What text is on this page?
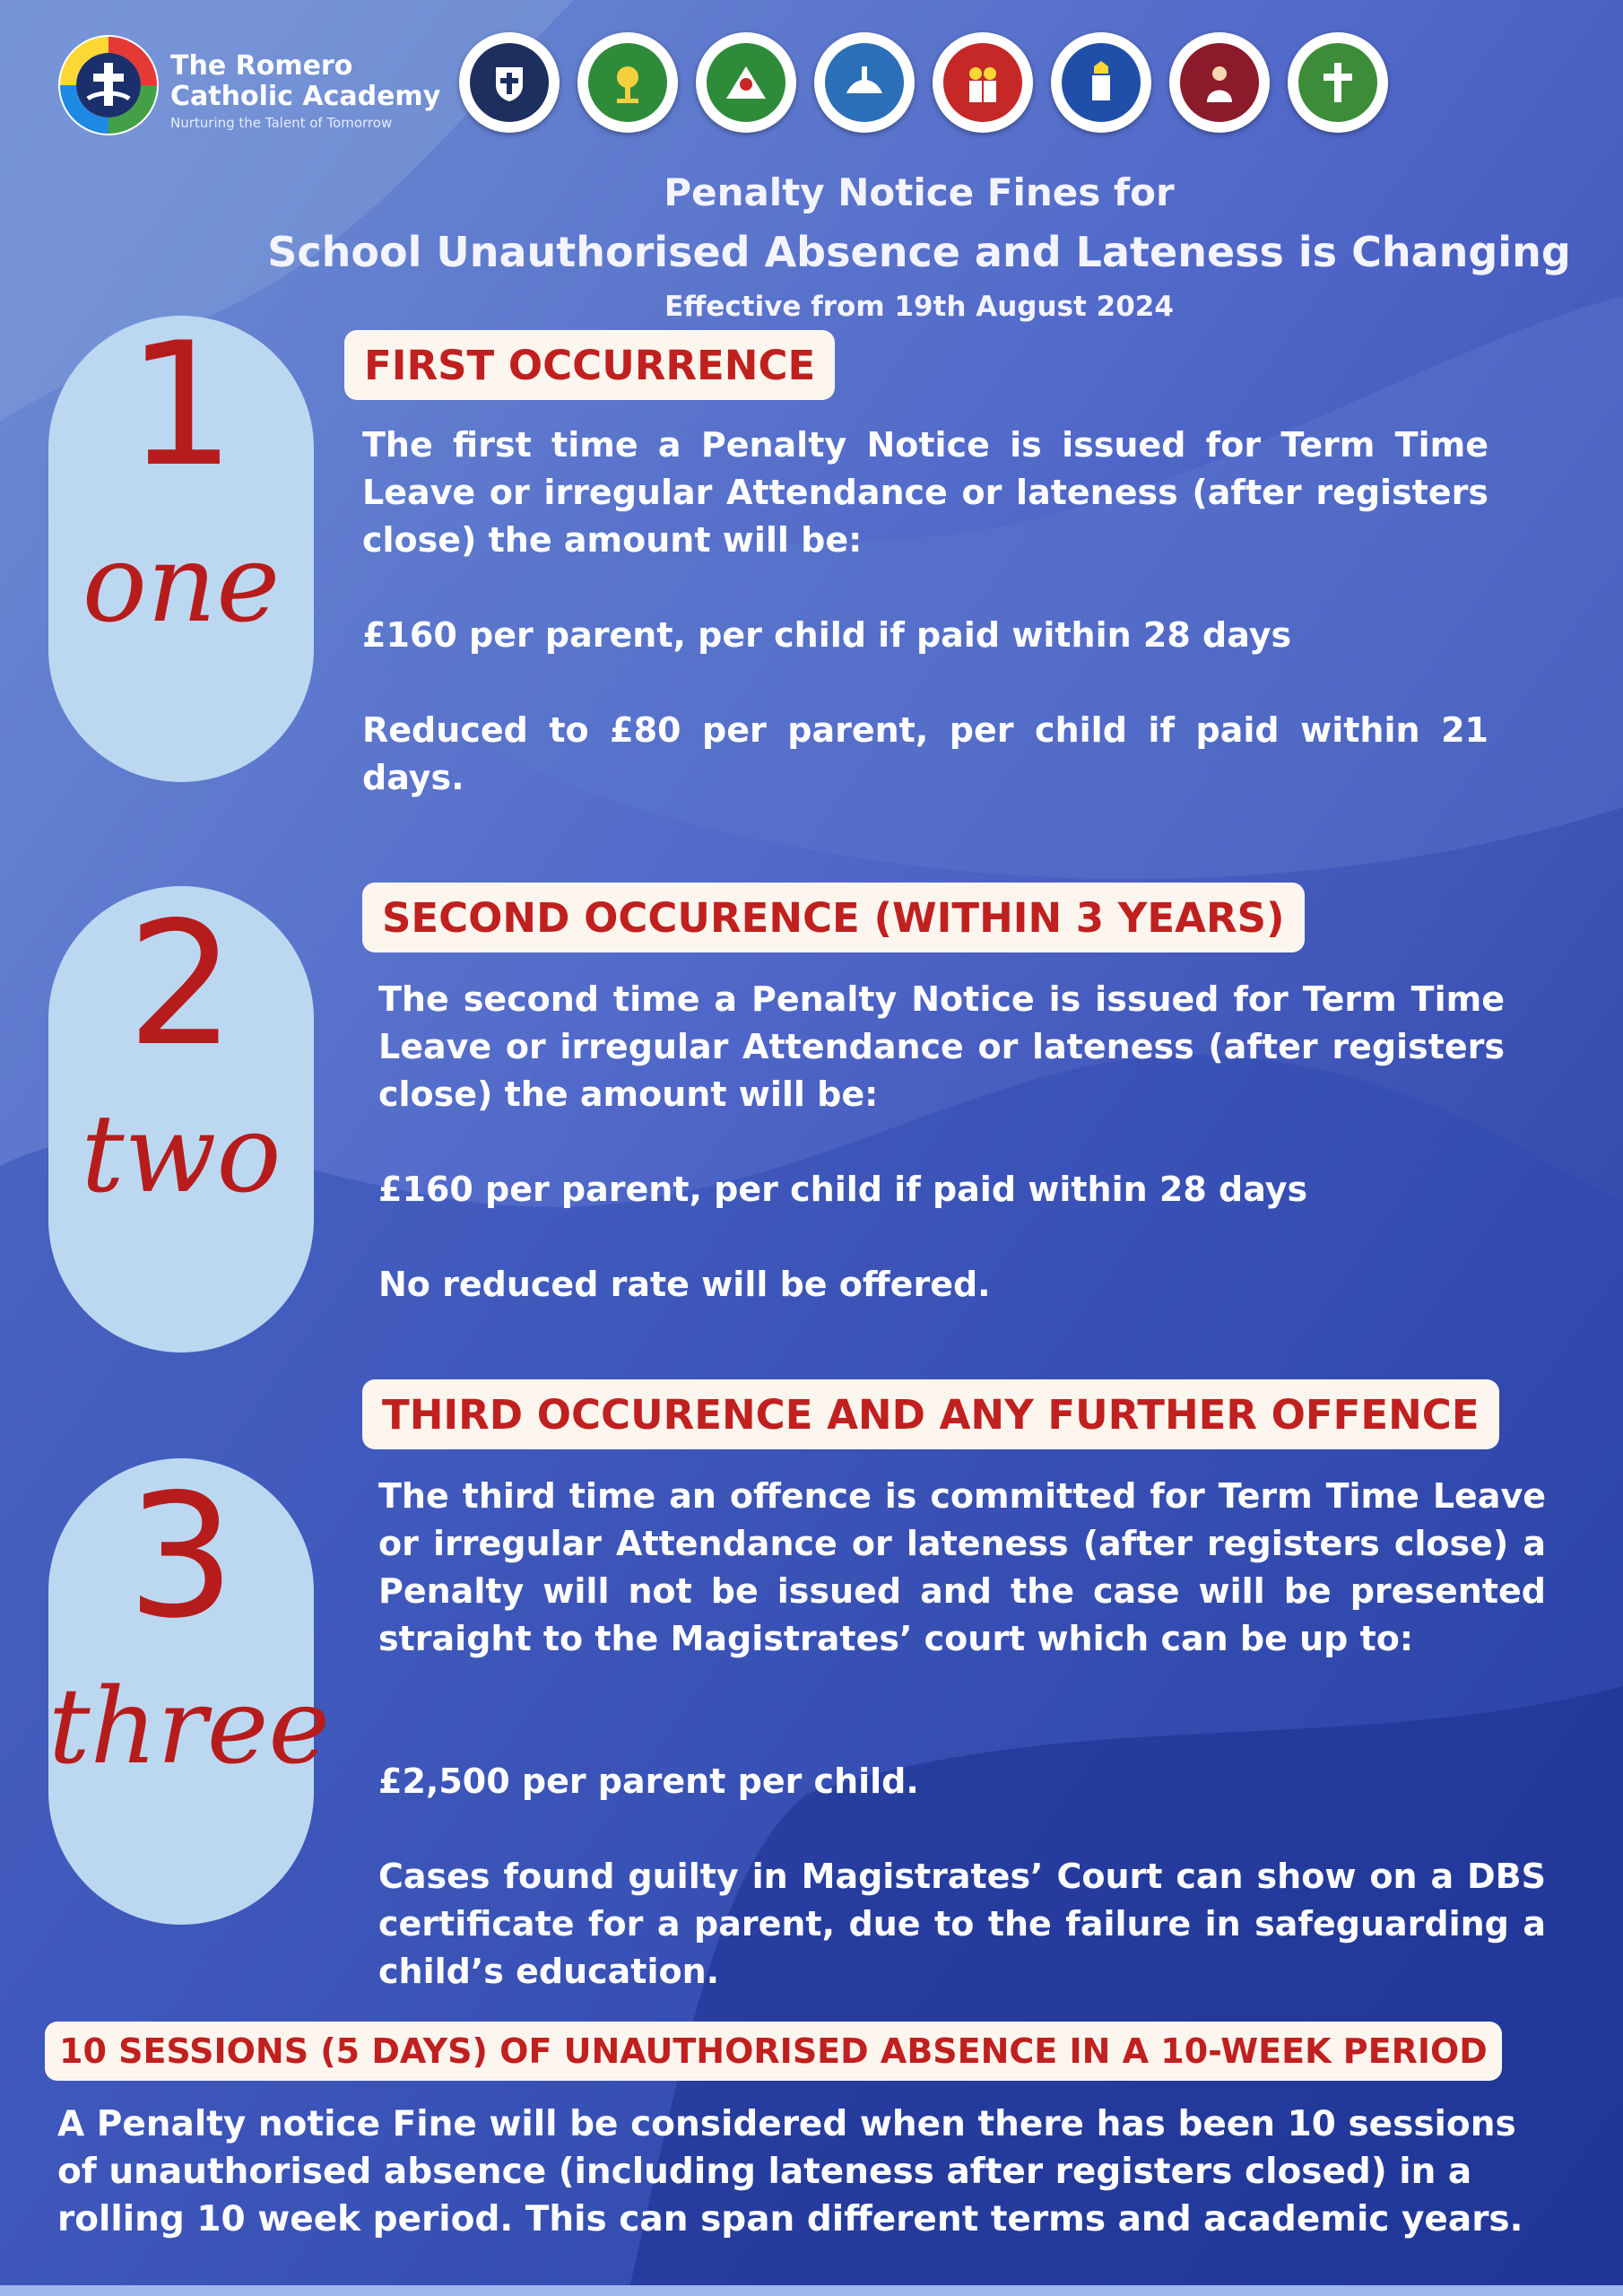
The Romero
Catholic Academy
Nurturing the Talent of Tomorrow
Penalty Notice Fines for
School Unauthorised Absence and Lateness is Changing
Effective from 19th August 2024
1
one
FIRST OCCURRENCE

The first time a Penalty Notice is issued for Term Time Leave or irregular Attendance or lateness (after registers close) the amount will be:

£160 per parent, per child if paid within 28 days

Reduced to £80 per parent, per child if paid within 21 days.

2
two
SECOND OCCURENCE (WITHIN 3 YEARS)

The second time a Penalty Notice is issued for Term Time Leave or irregular Attendance or lateness (after registers close) the amount will be:

£160 per parent, per child if paid within 28 days

No reduced rate will be offered.

3
three
THIRD OCCURENCE AND ANY FURTHER OFFENCE

The third time an offence is committed for Term Time Leave or irregular Attendance or lateness (after registers close) a Penalty will not be issued and the case will be presented straight to the Magistrates’ court which can be up to:

£2,500 per parent per child.

Cases found guilty in Magistrates’ Court can show on a DBS certificate for a parent, due to the failure in safeguarding a child’s education.

10 SESSIONS (5 DAYS) OF UNAUTHORISED ABSENCE IN A 10-WEEK PERIOD

A Penalty notice Fine will be considered when there has been 10 sessions of unauthorised absence (including lateness after registers closed) in a rolling 10 week period. This can span different terms and academic years.
